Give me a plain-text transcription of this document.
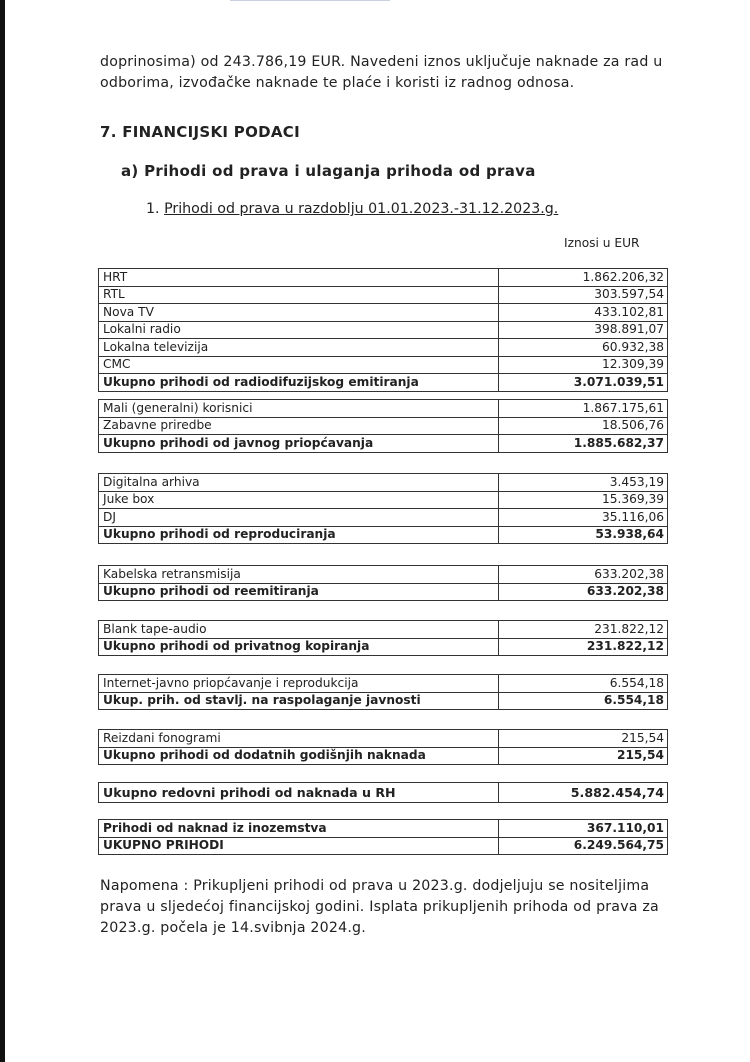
doprinosima) od 243.786,19 EUR. Navedeni iznos uključuje naknade za rad u odborima, izvođačke naknade te plaće i koristi iz radnog odnosa.
7. FINANCIJSKI PODACI
a) Prihodi od prava i ulaganja prihoda od prava
1. Prihodi od prava u razdoblju 01.01.2023.-31.12.2023.g.
Iznosi u EUR
HRT	1.862.206,32
RTL	303.597,54
Nova TV	433.102,81
Lokalni radio	398.891,07
Lokalna televizija	60.932,38
CMC	12.309,39
Ukupno prihodi od radiodifuzijskog emitiranja	3.071.039,51
Mali (generalni) korisnici	1.867.175,61
Zabavne priredbe	18.506,76
Ukupno prihodi od javnog priopćavanja	1.885.682,37
Digitalna arhiva	3.453,19
Juke box	15.369,39
DJ	35.116,06
Ukupno prihodi od reproduciranja	53.938,64
Kabelska retransmisija	633.202,38
Ukupno prihodi od reemitiranja	633.202,38
Blank tape-audio	231.822,12
Ukupno prihodi od privatnog kopiranja	231.822,12
Internet-javno priopćavanje i reprodukcija	6.554,18
Ukup. prih. od stavlj. na raspolaganje javnosti	6.554,18
Reizdani fonogrami	215,54
Ukupno prihodi od dodatnih godišnjih naknada	215,54
Ukupno redovni prihodi od naknada u RH	5.882.454,74
Prihodi od naknad iz inozemstva	367.110,01
UKUPNO PRIHODI	6.249.564,75
Napomena : Prikupljeni prihodi od prava u 2023.g. dodjeljuju se nositeljima prava u sljedećoj financijskoj godini. Isplata prikupljenih prihoda od prava za 2023.g. počela je 14.svibnja 2024.g.
